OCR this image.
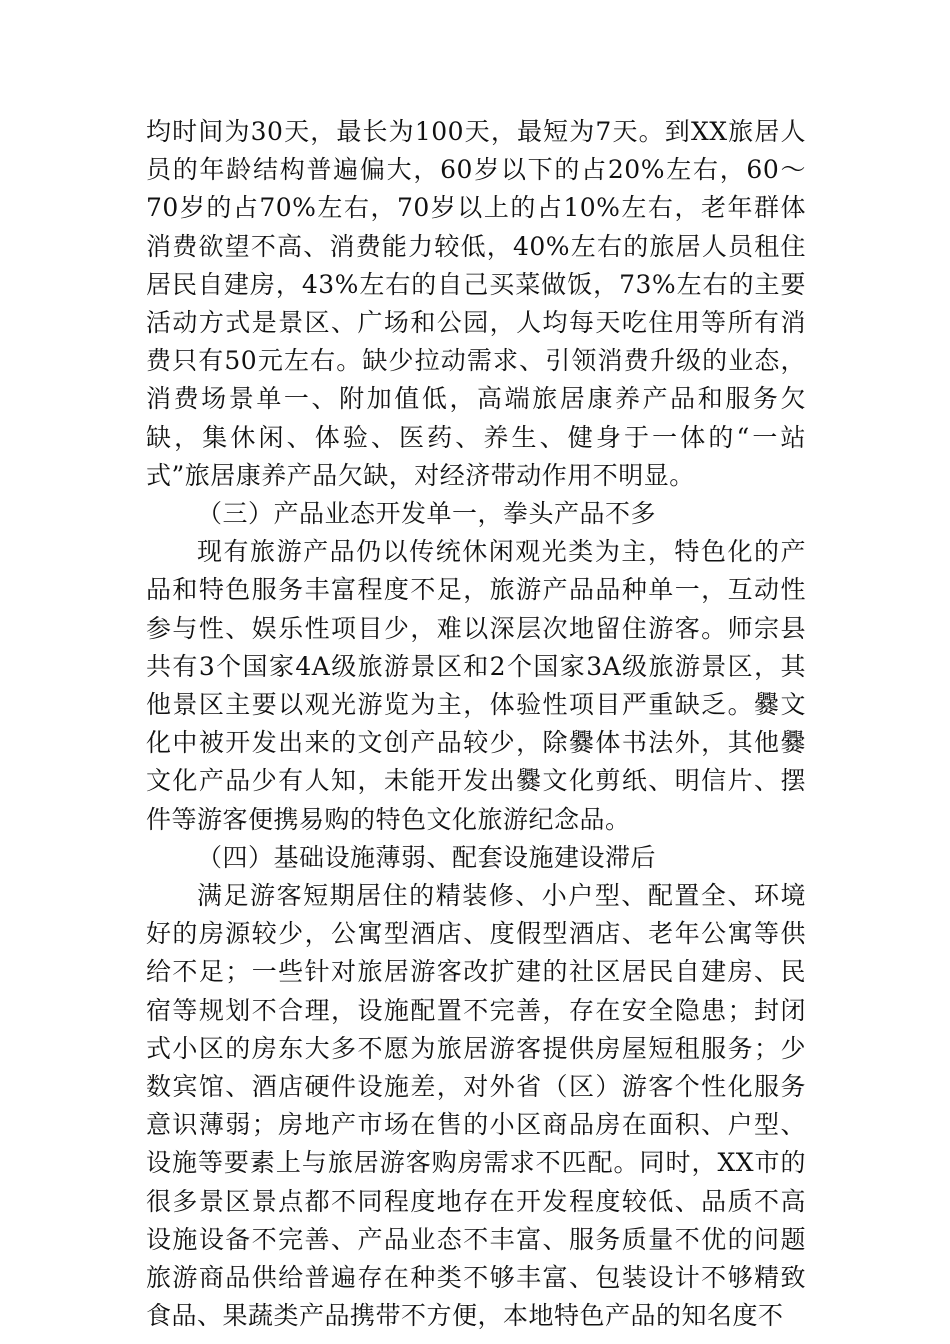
均时间为30天，最长为100天，最短为7天。到XX旅居人员的年龄结构普遍偏大，60岁以下的占20%左右，60～70岁的占70%左右，70岁以上的占10%左右，老年群体消费欲望不高、消费能力较低，40%左右的旅居人员租住居民自建房，43%左右的自己买菜做饭，73%左右的主要活动方式是景区、广场和公园，人均每天吃住用等所有消费只有50元左右。缺少拉动需求、引领消费升级的业态，消费场景单一、附加值低，高端旅居康养产品和服务欠缺，集休闲、体验、医药、养生、健身于一体的“一站式”旅居康养产品欠缺，对经济带动作用不明显。

（三）产品业态开发单一，拳头产品不多

现有旅游产品仍以传统休闲观光类为主，特色化的产品和特色服务丰富程度不足，旅游产品品种单一，互动性参与性、娱乐性项目少，难以深层次地留住游客。师宗县共有3个国家4A级旅游景区和2个国家3A级旅游景区，其他景区主要以观光游览为主，体验性项目严重缺乏。爨文化中被开发出来的文创产品较少，除爨体书法外，其他爨文化产品少有人知，未能开发出爨文化剪纸、明信片、摆件等游客便携易购的特色文化旅游纪念品。

（四）基础设施薄弱、配套设施建设滞后

满足游客短期居住的精装修、小户型、配置全、环境好的房源较少，公寓型酒店、度假型酒店、老年公寓等供给不足；一些针对旅居游客改扩建的社区居民自建房、民宿等规划不合理，设施配置不完善，存在安全隐患；封闭式小区的房东大多不愿为旅居游客提供房屋短租服务；少数宾馆、酒店硬件设施差，对外省（区）游客个性化服务意识薄弱；房地产市场在售的小区商品房在面积、户型、设施等要素上与旅居游客购房需求不匹配。同时，XX市的很多景区景点都不同程度地存在开发程度较低、品质不高设施设备不完善、产品业态不丰富、服务质量不优的问题旅游商品供给普遍存在种类不够丰富、包装设计不够精致食品、果蔬类产品携带不方便，本地特色产品的知名度不
